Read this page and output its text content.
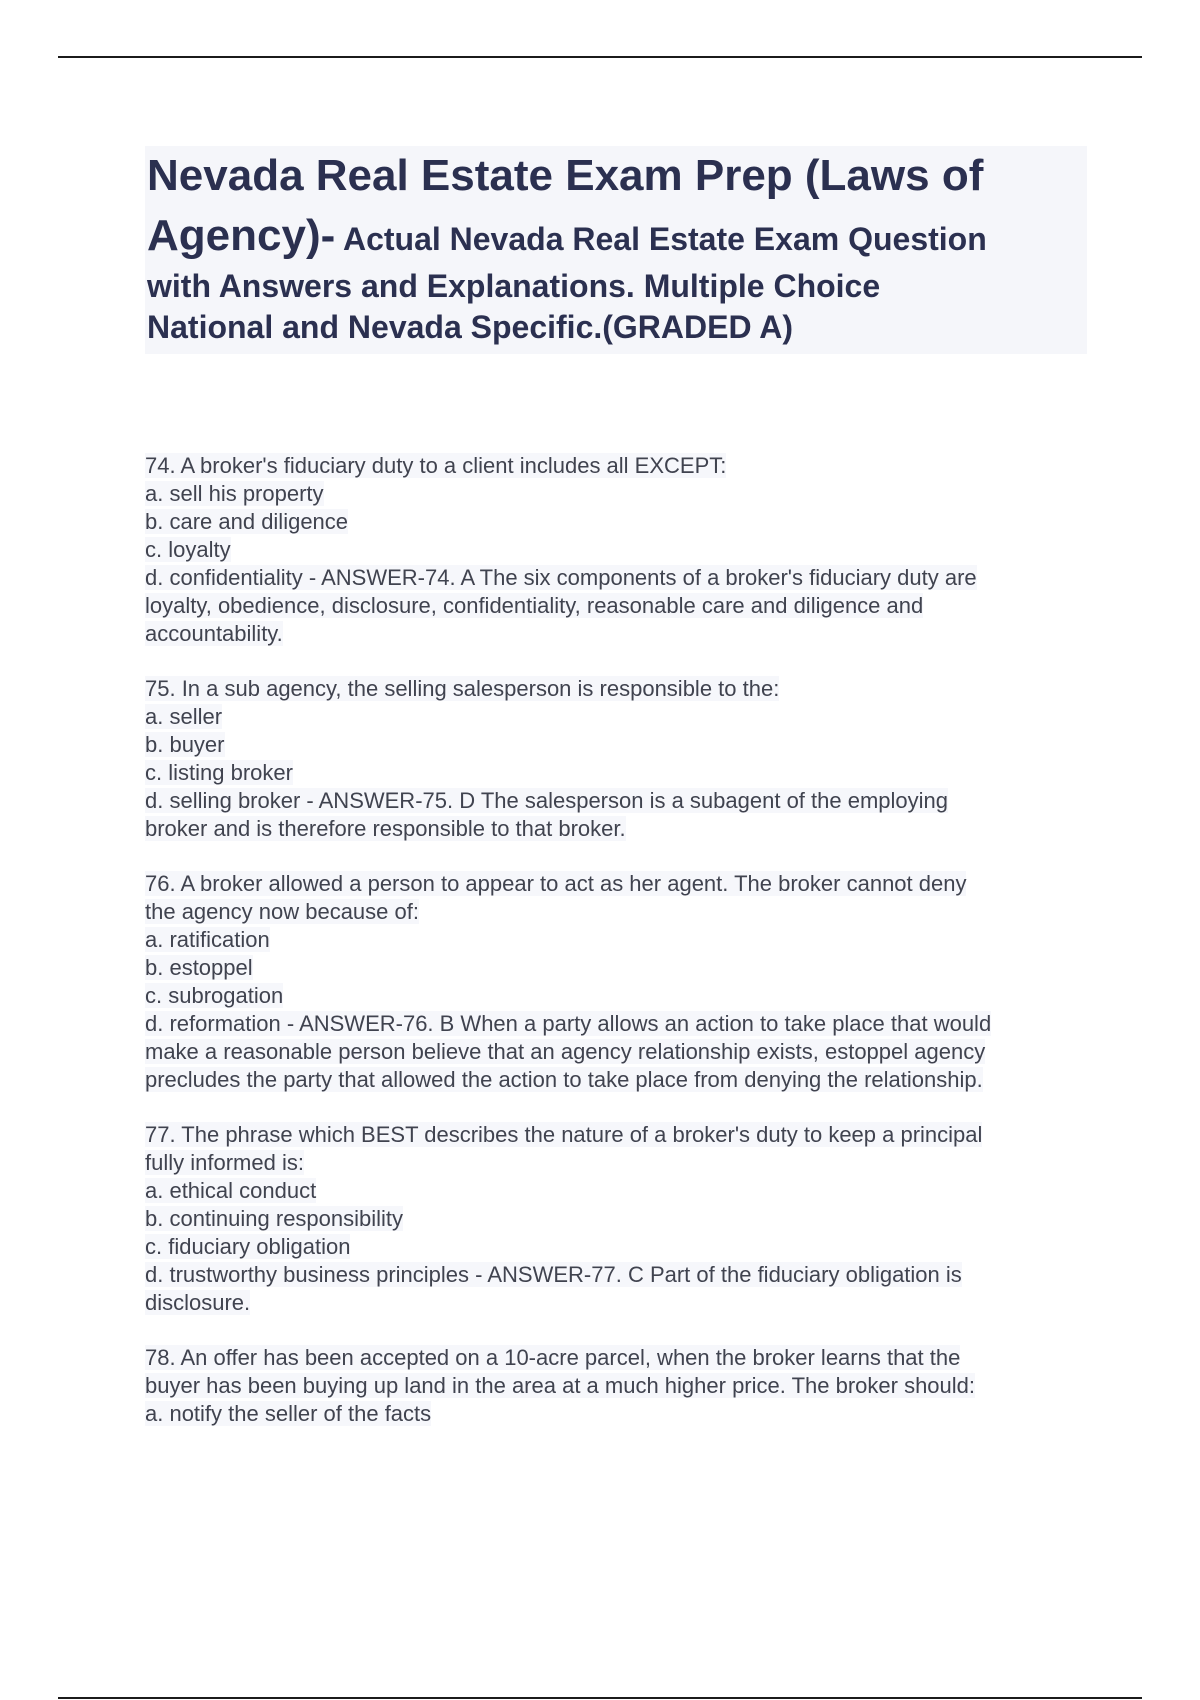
Nevada Real Estate Exam Prep (Laws of
Agency)- Actual Nevada Real Estate Exam Question
with Answers and Explanations. Multiple Choice
National and Nevada Specific.(GRADED A)
74. A broker's fiduciary duty to a client includes all EXCEPT:
a. sell his property
b. care and diligence
c. loyalty
d. confidentiality - ANSWER-74. A The six components of a broker's fiduciary duty are
loyalty, obedience, disclosure, confidentiality, reasonable care and diligence and
accountability.
75. In a sub agency, the selling salesperson is responsible to the:
a. seller
b. buyer
c. listing broker
d. selling broker - ANSWER-75. D The salesperson is a subagent of the employing
broker and is therefore responsible to that broker.
76. A broker allowed a person to appear to act as her agent. The broker cannot deny
the agency now because of:
a. ratification
b. estoppel
c. subrogation
d. reformation - ANSWER-76. B When a party allows an action to take place that would
make a reasonable person believe that an agency relationship exists, estoppel agency
precludes the party that allowed the action to take place from denying the relationship.
77. The phrase which BEST describes the nature of a broker's duty to keep a principal
fully informed is:
a. ethical conduct
b. continuing responsibility
c. fiduciary obligation
d. trustworthy business principles - ANSWER-77. C Part of the fiduciary obligation is
disclosure.
78. An offer has been accepted on a 10-acre parcel, when the broker learns that the
buyer has been buying up land in the area at a much higher price. The broker should:
a. notify the seller of the facts
